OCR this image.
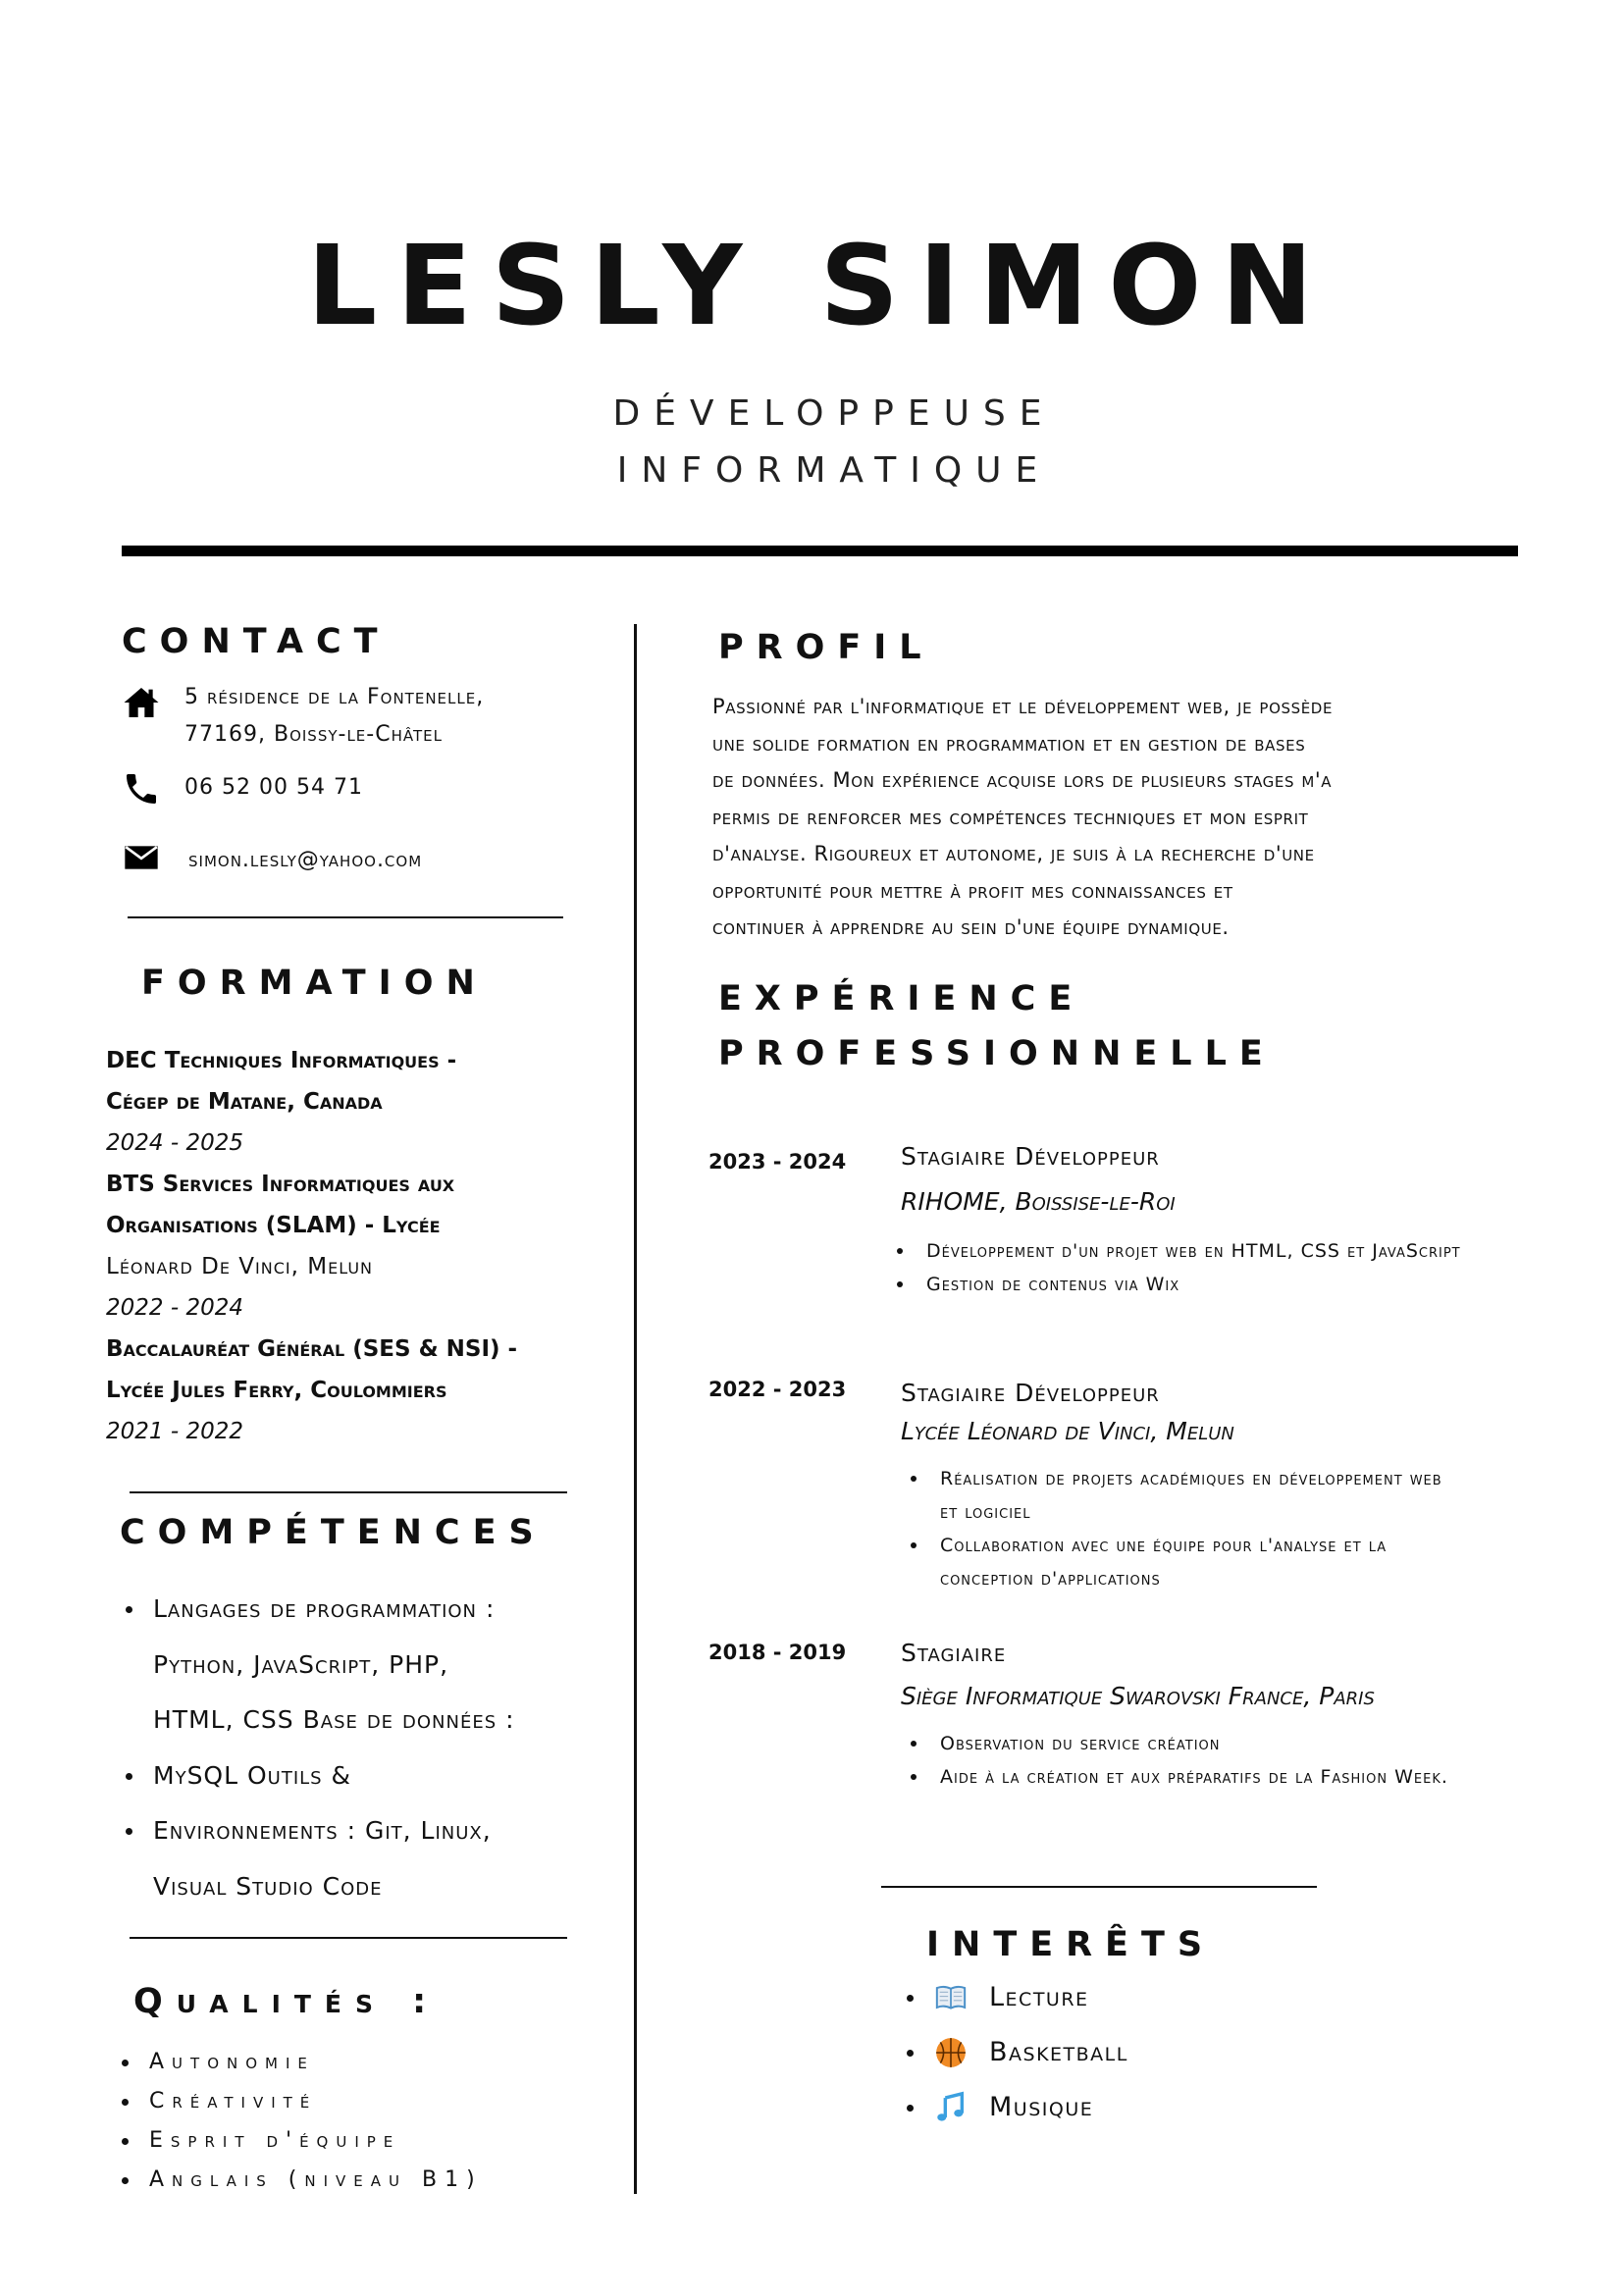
LESLY SIMON
DÉVELOPPEUSE
INFORMATIQUE
CONTACT
5 résidence de la Fontenelle,
77169, Boissy-le-Châtel
06 52 00 54 71
simon.lesly@yahoo.com
FORMATION
DEC Techniques Informatiques -
Cégep de Matane, Canada
2024 - 2025
BTS Services Informatiques aux
Organisations (SLAM) - Lycée
Léonard De Vinci, Melun
2022 - 2024
Baccalauréat Général (SES & NSI) -
Lycée Jules Ferry, Coulommiers
2021 - 2022
COMPÉTENCES
Langages de programmation :
Python, JavaScript, PHP,
HTML, CSS Base de données :
MySQL Outils &
Environnements : Git, Linux,
Visual Studio Code
Qualités :
Autonomie
Créativité
Esprit d'équipe
Anglais (niveau B1)
PROFIL
Passionné par l'informatique et le développement web, je possède
une solide formation en programmation et en gestion de bases
de données. Mon expérience acquise lors de plusieurs stages m'a
permis de renforcer mes compétences techniques et mon esprit
d'analyse. Rigoureux et autonome, je suis à la recherche d'une
opportunité pour mettre à profit mes connaissances et
continuer à apprendre au sein d'une équipe dynamique.
EXPÉRIENCE
PROFESSIONNELLE
2023 - 2024 Stagiaire Développeur
RIHOME, Boissise-le-Roi
Développement d'un projet web en HTML, CSS et JavaScript
Gestion de contenus via Wix
2022 - 2023 Stagiaire Développeur
Lycée Léonard de Vinci, Melun
Réalisation de projets académiques en développement web
et logiciel
Collaboration avec une équipe pour l'analyse et la
conception d'applications
2018 - 2019 Stagiaire
Siège Informatique Swarovski France, Paris
Observation du service création
Aide à la création et aux préparatifs de la Fashion Week.
INTERÊTS
Lecture
Basketball
Musique
